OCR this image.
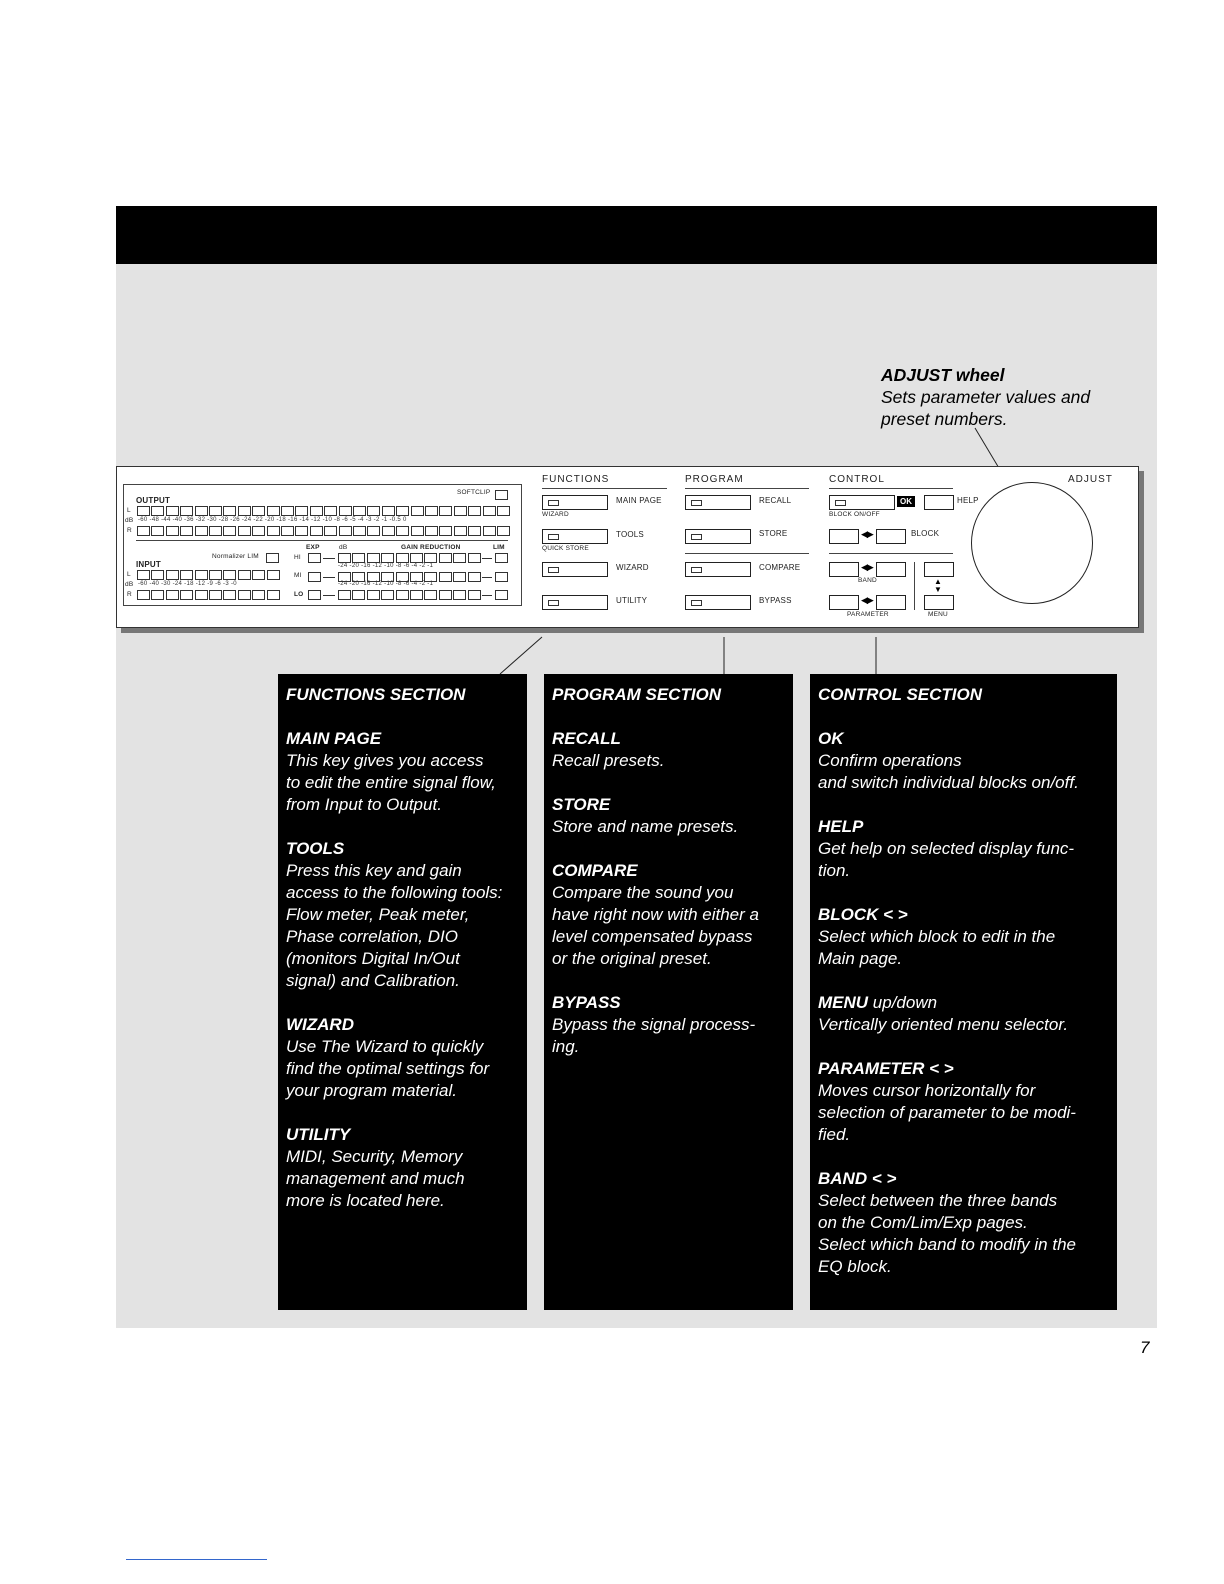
ADJUST wheel
Sets parameter values and
preset numbers.
OUTPUT
SOFTCLIP
L
R
dB -60 -48 -44 -40 -36 -32 -30 -28 -26 -24 -22 -20 -18 -16 -14 -12 -10 -8 -6 -5 -4 -3 -2 -1 -0.5 0
INPUT
Normalizer LIM
L
R
dB -60 -40 -30 -24 -18 -12 -9 -6 -3 -0
EXP	dB	GAIN REDUCTION	LIM
HI
MI
LO
-24 -20 -16 -12 -10 -8 -6 -4 -2 -1
-24 -20 -16 -12 -10 -8 -6 -4 -2 -1
FUNCTIONS
MAIN PAGE
WIZARD
TOOLS
QUICK STORE
WIZARD
UTILITY
PROGRAM
RECALL
STORE
COMPARE
BYPASS
CONTROL
OK	HELP
BLOCK ON/OFF
◀▶	BLOCK
◀▶
BAND	▲
▼
MENU
◀▶
PARAMETER
ADJUST
FUNCTIONS SECTION
MAIN PAGE
This key gives you access
to edit the entire signal flow,
from Input to Output.
TOOLS
Press this key and gain
access to the following tools:
Flow meter, Peak meter,
Phase correlation, DIO
(monitors Digital In/Out
signal) and Calibration.
WIZARD
Use The Wizard to quickly
find the optimal settings for
your program material.
UTILITY
MIDI, Security, Memory
management and much
more is located here.
PROGRAM SECTION
RECALL
Recall presets.
STORE
Store and name presets.
COMPARE
Compare the sound you
have right now with either a
level compensated bypass
or the original preset.
BYPASS
Bypass the signal process-
ing.
CONTROL SECTION
OK
Confirm operations
and switch individual blocks on/off.
HELP
Get help on selected display func-
tion.
BLOCK < >
Select which block to edit in the
Main page.
MENU up/down
Vertically oriented menu selector.
PARAMETER < >
Moves cursor horizontally for
selection of parameter to be modi-
fied.
BAND < >
Select between the three bands
on the Com/Lim/Exp pages.
Select which band to modify in the
EQ block.
7
